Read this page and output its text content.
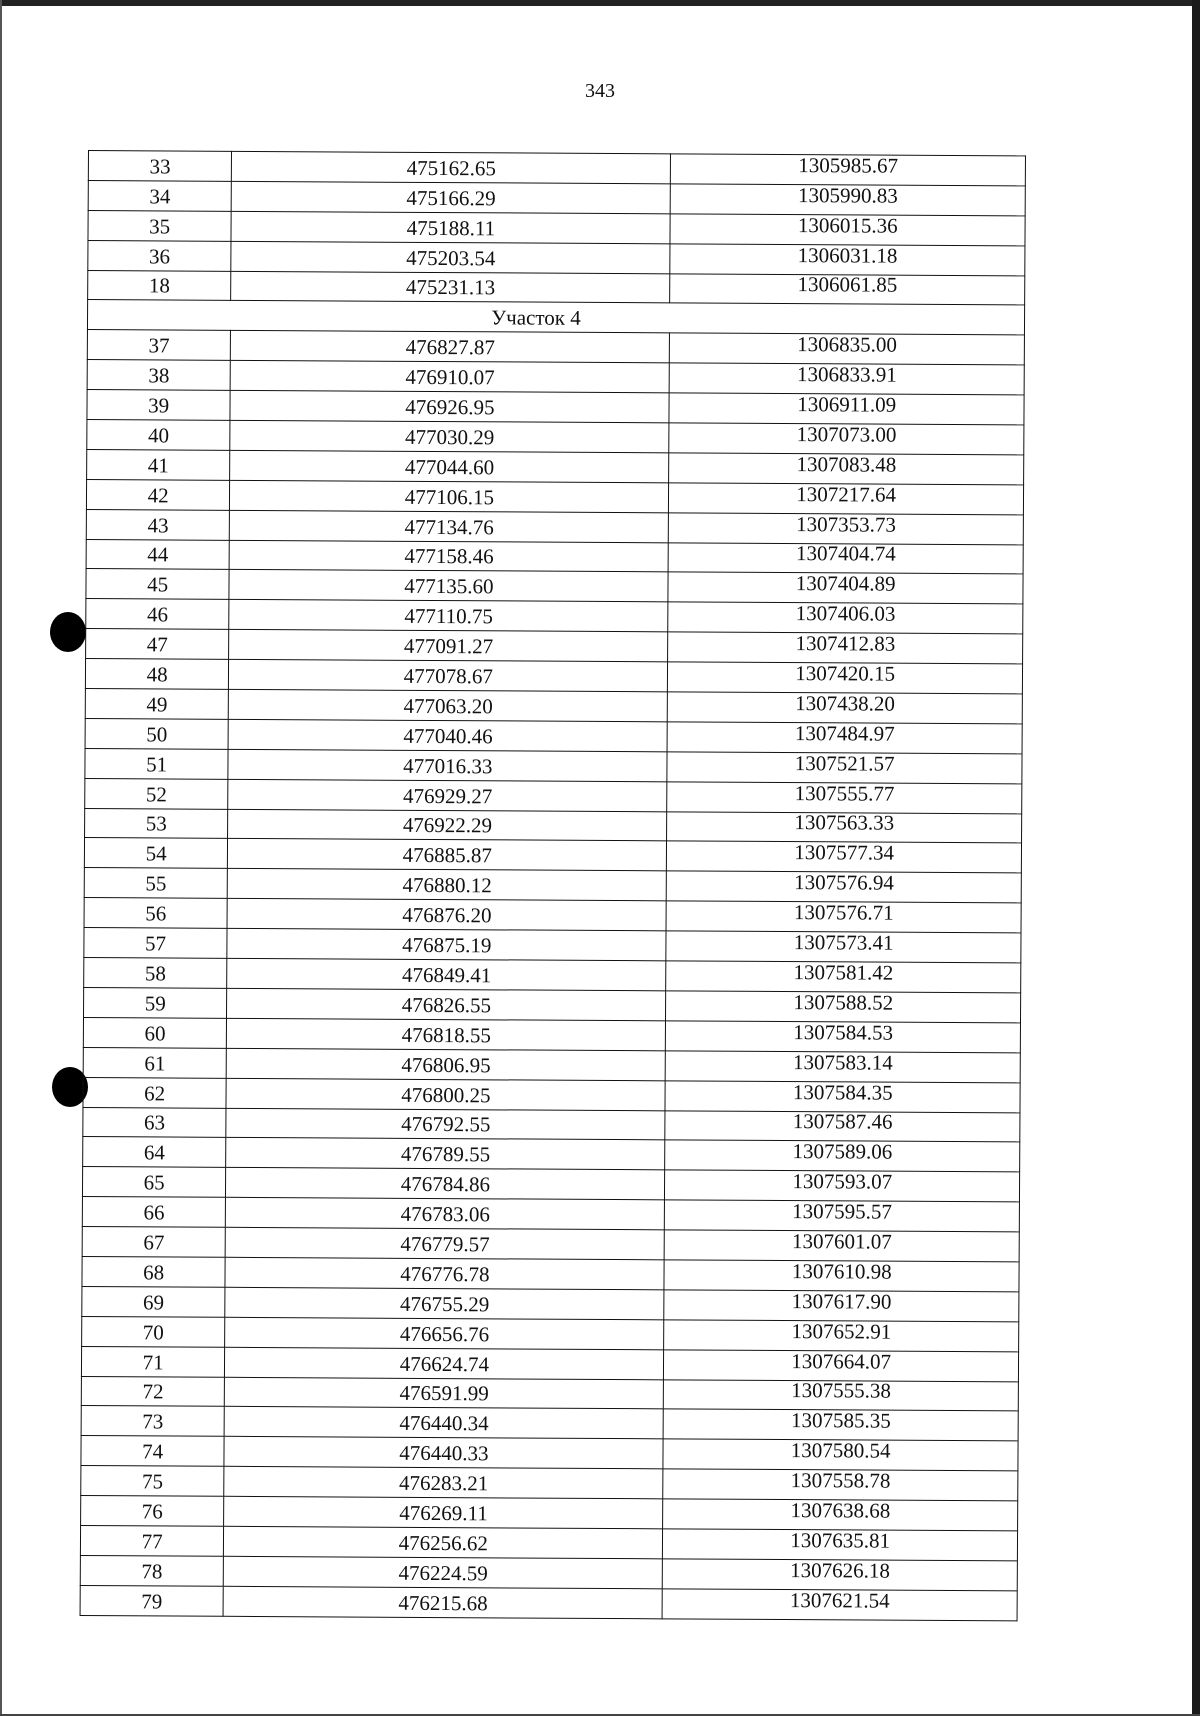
343
33	475162.65	1305985.67
34	475166.29	1305990.83
35	475188.11	1306015.36
36	475203.54	1306031.18
18	475231.13	1306061.85
Участок 4		
37	476827.87	1306835.00
38	476910.07	1306833.91
39	476926.95	1306911.09
40	477030.29	1307073.00
41	477044.60	1307083.48
42	477106.15	1307217.64
43	477134.76	1307353.73
44	477158.46	1307404.74
45	477135.60	1307404.89
46	477110.75	1307406.03
47	477091.27	1307412.83
48	477078.67	1307420.15
49	477063.20	1307438.20
50	477040.46	1307484.97
51	477016.33	1307521.57
52	476929.27	1307555.77
53	476922.29	1307563.33
54	476885.87	1307577.34
55	476880.12	1307576.94
56	476876.20	1307576.71
57	476875.19	1307573.41
58	476849.41	1307581.42
59	476826.55	1307588.52
60	476818.55	1307584.53
61	476806.95	1307583.14
62	476800.25	1307584.35
63	476792.55	1307587.46
64	476789.55	1307589.06
65	476784.86	1307593.07
66	476783.06	1307595.57
67	476779.57	1307601.07
68	476776.78	1307610.98
69	476755.29	1307617.90
70	476656.76	1307652.91
71	476624.74	1307664.07
72	476591.99	1307555.38
73	476440.34	1307585.35
74	476440.33	1307580.54
75	476283.21	1307558.78
76	476269.11	1307638.68
77	476256.62	1307635.81
78	476224.59	1307626.18
79	476215.68	1307621.54
